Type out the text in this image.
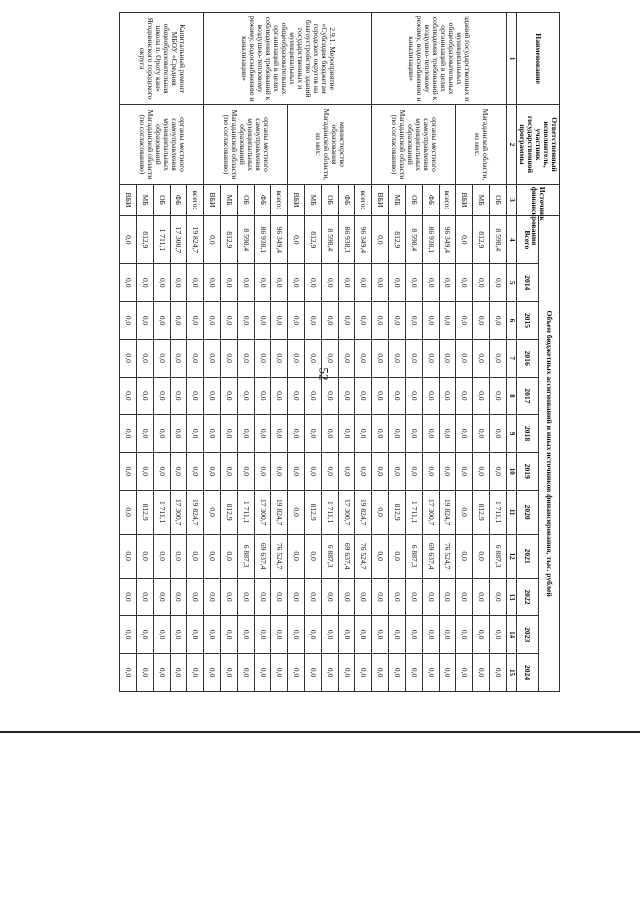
52
Наименование	Ответственный исполнитель, участник государственной программы	Источник финансирования	Объем бюджетных ассигнований и иных источников финансирования, тыс. рублей											
			Всего	2014	2015	2016	2017	2018	2019	2020	2021	2022	2023	2024
1	2	3	4	5	6	7	8	9	10	11	12	13	14	15
зданий государственных и муниципальных общеобразовательных организаций в целях соблюдения требований к воздушно-тепловому режиму, водоснабжению и канализации»	Магаданской области, из них:	ОБ	8 598,4	0,0	0,0	0,0	0,0	0,0	0,0	1 711,1	6 887,3	0,0	0,0	0,0
		МБ	812,9	0,0	0,0	0,0	0,0	0,0	0,0	812,9	0,0	0,0	0,0	0,0
		ВБИ	0,0	0,0	0,0	0,0	0,0	0,0	0,0	0,0	0,0	0,0	0,0	0,0
	органы местного самоуправления муниципальных образований Магаданской области (по согласованию)	всего:	96 349,4	0,0	0,0	0,0	0,0	0,0	0,0	19 824,7	76 524,7	0,0	0,0	0,0
		ФБ	86 938,1	0,0	0,0	0,0	0,0	0,0	0,0	17 300,7	69 637,4	0,0	0,0	0,0
		ОБ	8 598,4	0,0	0,0	0,0	0,0	0,0	0,0	1 711,1	6 887,3	0,0	0,0	0,0
		МБ	812,9	0,0	0,0	0,0	0,0	0,0	0,0	812,9	0,0	0,0	0,0	0,0
		ВБИ	0,0	0,0	0,0	0,0	0,0	0,0	0,0	0,0	0,0	0,0	0,0	0,0
2.9.1. Мероприятие «Субсидия бюджетам городских округов на благоустройство зданий государственных и муниципальных общеобразовательных организаций в целях соблюдения требований к воздушно-тепловому режиму, водоснабжению и канализации»	министерство образования Магаданской области, из них:	всего:	96 349,4	0,0	0,0	0,0	0,0	0,0	0,0	19 824,7	76 524,7	0,0	0,0	0,0
		ФБ	86 938,1	0,0	0,0	0,0	0,0	0,0	0,0	17 300,7	69 637,4	0,0	0,0	0,0
		ОБ	8 598,4	0,0	0,0	0,0	0,0	0,0	0,0	1 711,1	6 887,3	0,0	0,0	0,0
		МБ	812,9	0,0	0,0	0,0	0,0	0,0	0,0	812,9	0,0	0,0	0,0	0,0
		ВБИ	0,0	0,0	0,0	0,0	0,0	0,0	0,0	0,0	0,0	0,0	0,0	0,0
	органы местного самоуправления муниципальных образований Магаданской области (по согласованию)	всего:	96 349,4	0,0	0,0	0,0	0,0	0,0	0,0	19 824,7	76 524,7	0,0	0,0	0,0
		ФБ	86 938,1	0,0	0,0	0,0	0,0	0,0	0,0	17 300,7	69 637,4	0,0	0,0	0,0
		ОБ	8 598,4	0,0	0,0	0,0	0,0	0,0	0,0	1 711,1	6 887,3	0,0	0,0	0,0
		МБ	812,9	0,0	0,0	0,0	0,0	0,0	0,0	812,9	0,0	0,0	0,0	0,0
		ВБИ	0,0	0,0	0,0	0,0	0,0	0,0	0,0	0,0	0,0	0,0	0,0	0,0
Капитальный ремонт МБОУ «Средняя общеобразовательная школа п. Ороту кан» Ягоднинского городского округа	органы местного самоуправления муниципальных образований Магаданской области (по согласованию)	всего:	19 824,7	0,0	0,0	0,0	0,0	0,0	0,0	19 824,7	0,0	0,0	0,0	0,0
		ФБ	17 300,7	0,0	0,0	0,0	0,0	0,0	0,0	17 300,7	0,0	0,0	0,0	0,0
		ОБ	1 711,1	0,0	0,0	0,0	0,0	0,0	0,0	1 711,1	0,0	0,0	0,0	0,0
		МБ	812,9	0,0	0,0	0,0	0,0	0,0	0,0	812,9	0,0	0,0	0,0	0,0
		ВБИ	0,0	0,0	0,0	0,0	0,0	0,0	0,0	0,0	0,0	0,0	0,0	0,0
